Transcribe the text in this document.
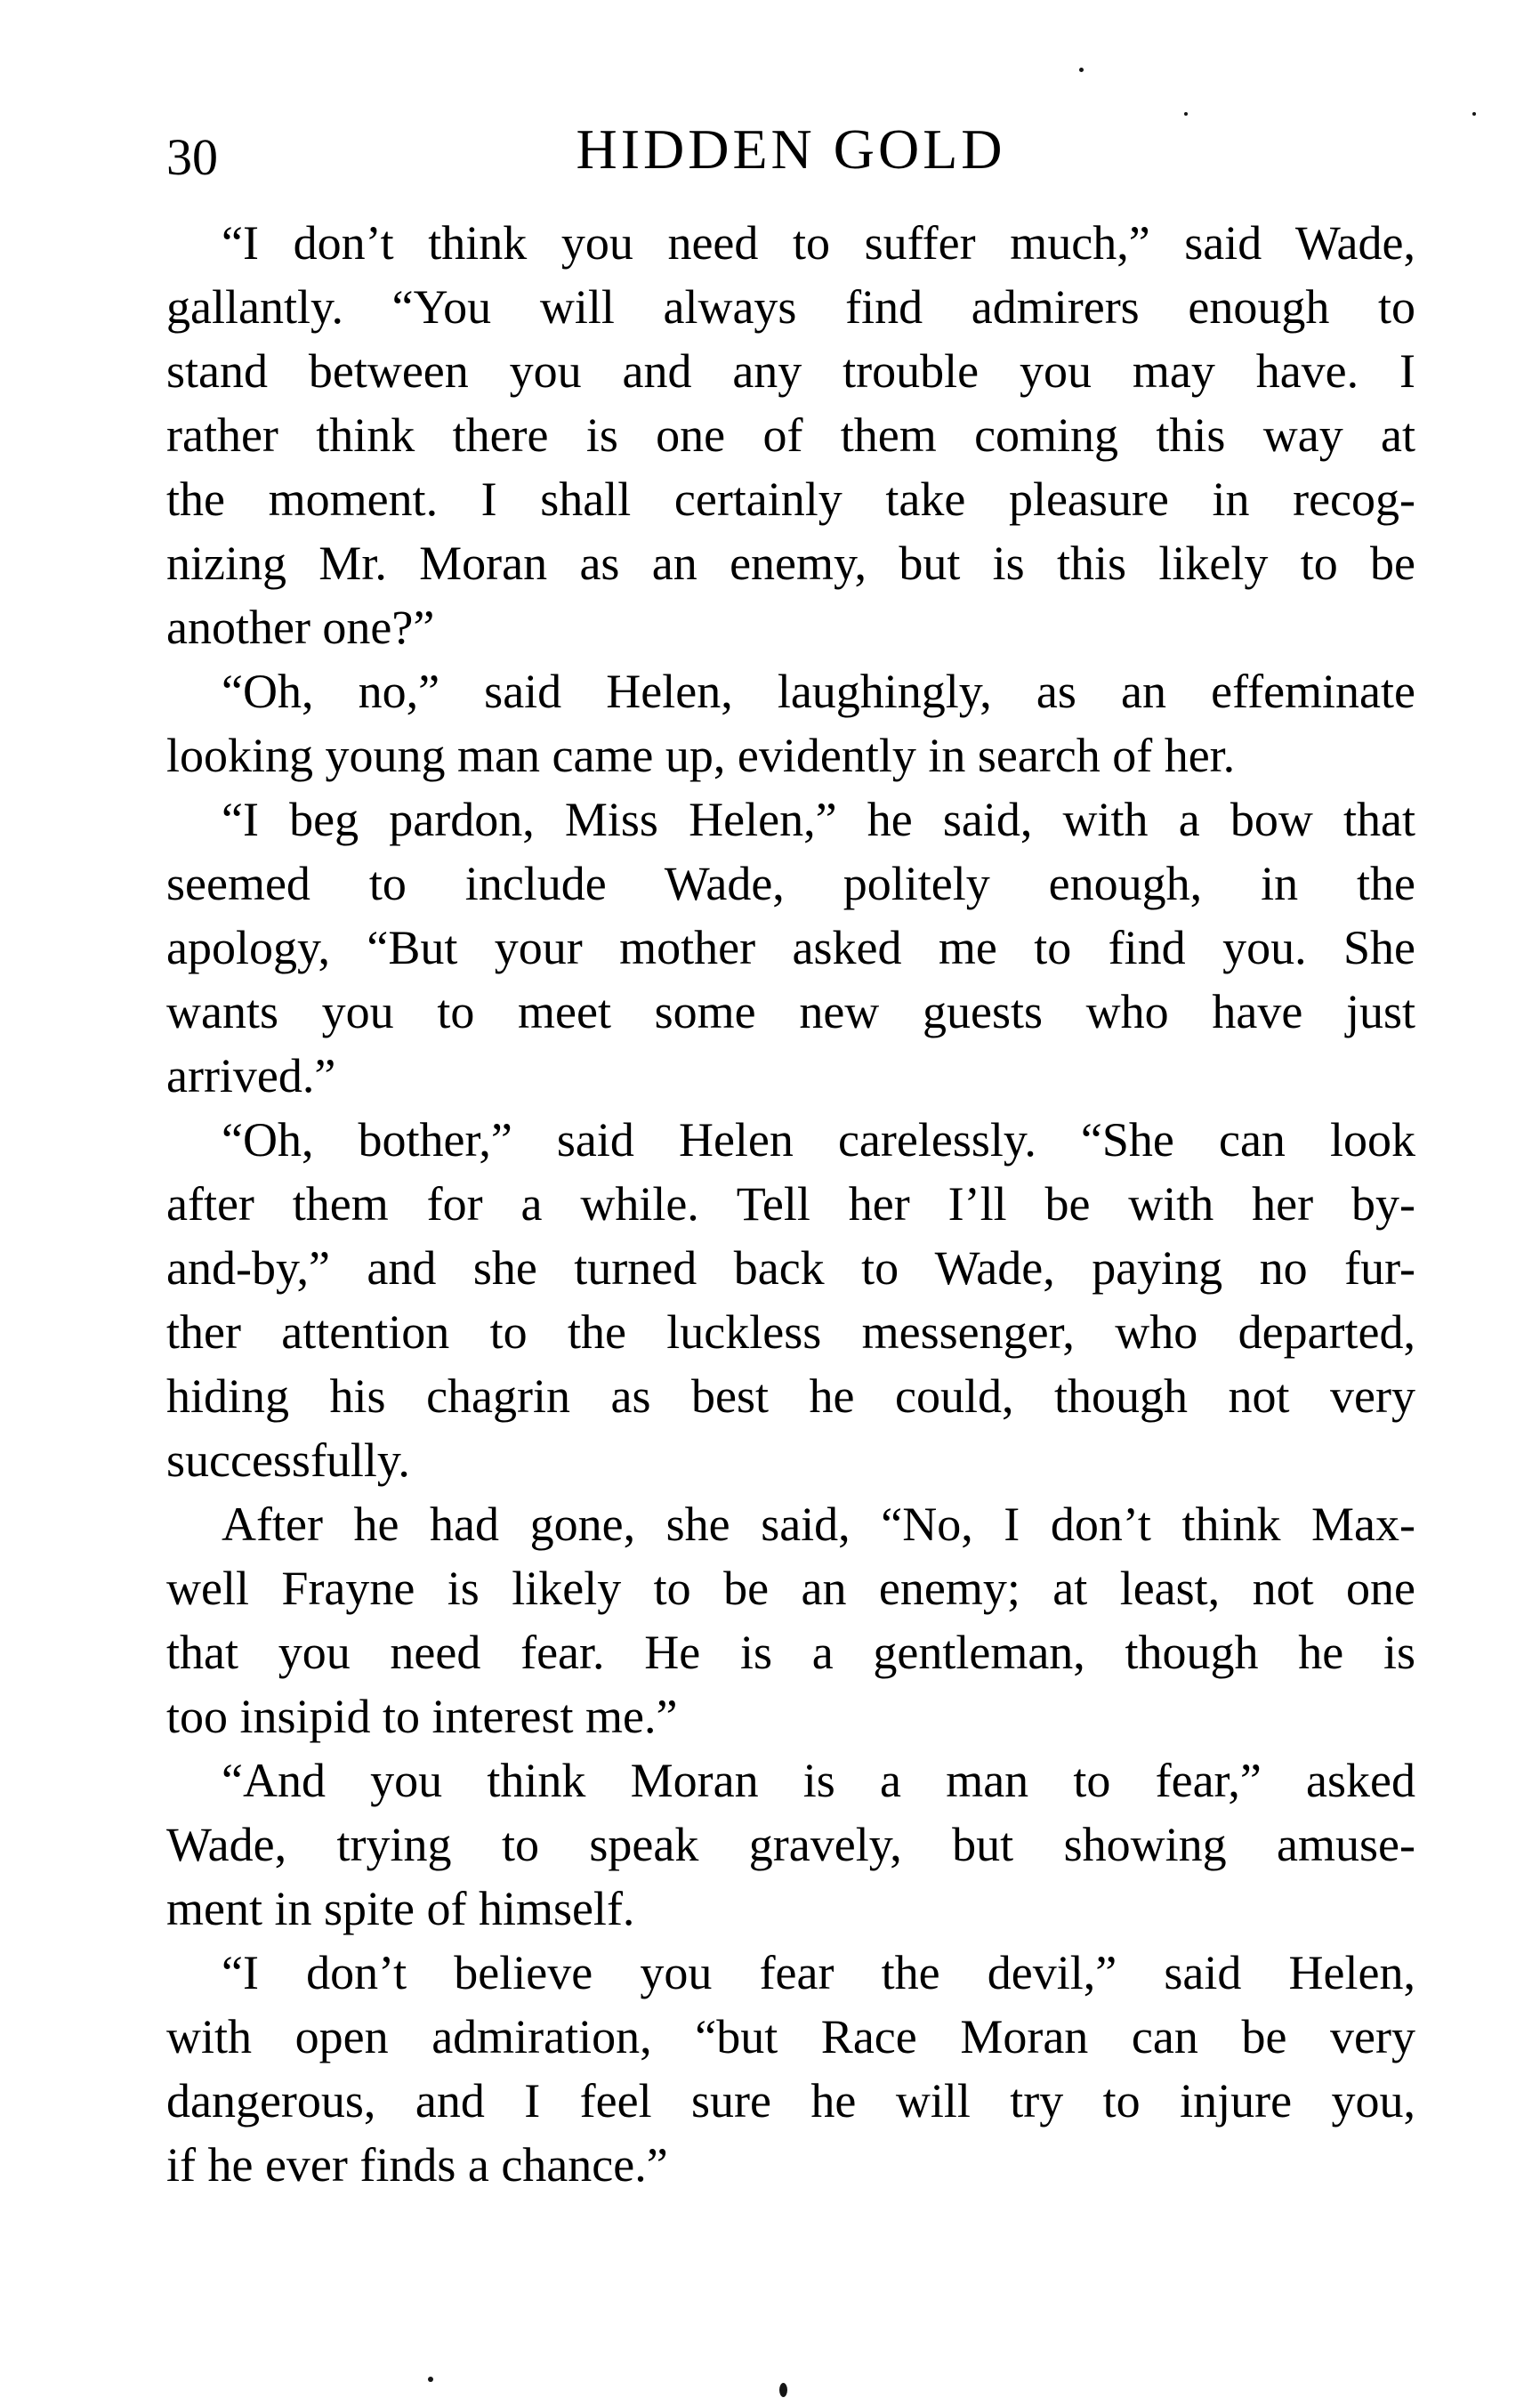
30	HIDDEN GOLD
“I don’t think you need to suffer much,” said Wade,
gallantly. “You will always find admirers enough to
stand between you and any trouble you may have. I
rather think there is one of them coming this way at
the moment. I shall certainly take pleasure in recog-
nizing Mr. Moran as an enemy, but is this likely to be
another one?”
“Oh, no,” said Helen, laughingly, as an effeminate
looking young man came up, evidently in search of her.
“I beg pardon, Miss Helen,” he said, with a bow that
seemed to include Wade, politely enough, in the
apology, “But your mother asked me to find you. She
wants you to meet some new guests who have just
arrived.”
“Oh, bother,” said Helen carelessly. “She can look
after them for a while. Tell her I’ll be with her by-
and-by,” and she turned back to Wade, paying no fur-
ther attention to the luckless messenger, who departed,
hiding his chagrin as best he could, though not very
successfully.
After he had gone, she said, “No, I don’t think Max-
well Frayne is likely to be an enemy; at least, not one
that you need fear. He is a gentleman, though he is
too insipid to interest me.”
“And you think Moran is a man to fear,” asked
Wade, trying to speak gravely, but showing amuse-
ment in spite of himself.
“I don’t believe you fear the devil,” said Helen,
with open admiration, “but Race Moran can be very
dangerous, and I feel sure he will try to injure you,
if he ever finds a chance.”
